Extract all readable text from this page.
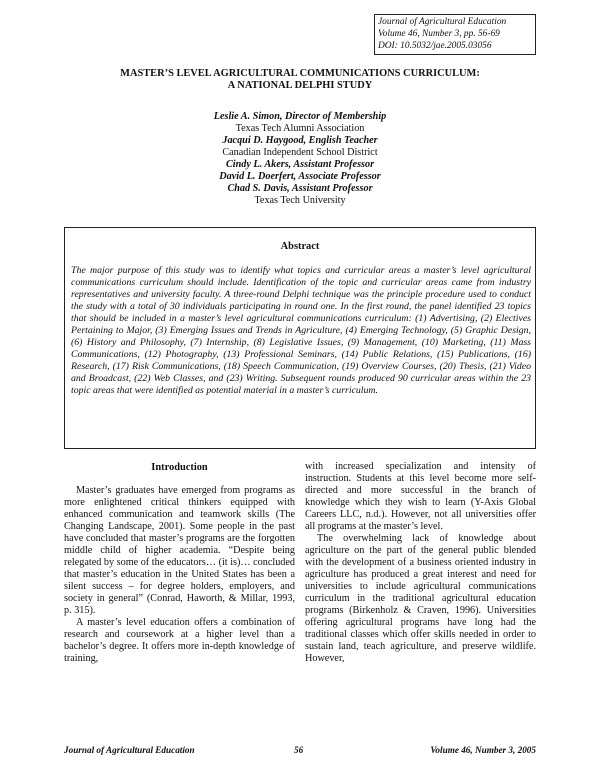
Journal of Agricultural Education
Volume 46, Number 3, pp. 56-69
DOI: 10.5032/jae.2005.03056
MASTER’S LEVEL AGRICULTURAL COMMUNICATIONS CURRICULUM:
A NATIONAL DELPHI STUDY
Leslie A. Simon, Director of Membership
Texas Tech Alumni Association
Jacqui D. Haygood, English Teacher
Canadian Independent School District
Cindy L. Akers, Assistant Professor
David L. Doerfert, Associate Professor
Chad S. Davis, Assistant Professor
Texas Tech University
Abstract
The major purpose of this study was to identify what topics and curricular areas a master’s level agricultural communications curriculum should include. Identification of the topic and curricular areas came from industry representatives and university faculty. A three-round Delphi technique was the principle procedure used to conduct the study with a total of 30 individuals participating in round one. In the first round, the panel identified 23 topics that should be included in a master’s level agricultural communications curriculum: (1) Advertising, (2) Electives Pertaining to Major, (3) Emerging Issues and Trends in Agriculture, (4) Emerging Technology, (5) Graphic Design, (6) History and Philosophy, (7) Internship, (8) Legislative Issues, (9) Management, (10) Marketing, (11) Mass Communications, (12) Photography, (13) Professional Seminars, (14) Public Relations, (15) Publications, (16) Research, (17) Risk Communications, (18) Speech Communication, (19) Overview Courses, (20) Thesis, (21) Video and Broadcast, (22) Web Classes, and (23) Writing. Subsequent rounds produced 90 curricular areas within the 23 topic areas that were identified as potential material in a master’s curriculum.
Introduction

Master’s graduates have emerged from programs as more enlightened critical thinkers equipped with enhanced communication and teamwork skills (The Changing Landscape, 2001). Some people in the past have concluded that master’s programs are the forgotten middle child of higher academia. “Despite being relegated by some of the educators… (it is)… concluded that master’s education in the United States has been a silent success – for degree holders, employers, and society in general” (Conrad, Haworth, & Millar, 1993, p. 315).

A master’s level education offers a combination of research and coursework at a higher level than a bachelor’s degree. It offers more in-depth knowledge of training,

with increased specialization and intensity of instruction. Students at this level become more self-directed and more successful in the branch of knowledge which they wish to learn (Y-Axis Global Careers LLC, n.d.). However, not all universities offer all programs at the master’s level.

The overwhelming lack of knowledge about agriculture on the part of the general public blended with the development of a business oriented industry in agriculture has produced a great interest and need for universities to include agricultural communications curriculum in the traditional agricultural education programs (Birkenholz & Craven, 1996). Universities offering agricultural programs have long had the traditional classes which offer skills needed in order to sustain land, teach agriculture, and preserve wildlife. However,

Journal of Agricultural Education	56	Volume 46, Number 3, 2005
